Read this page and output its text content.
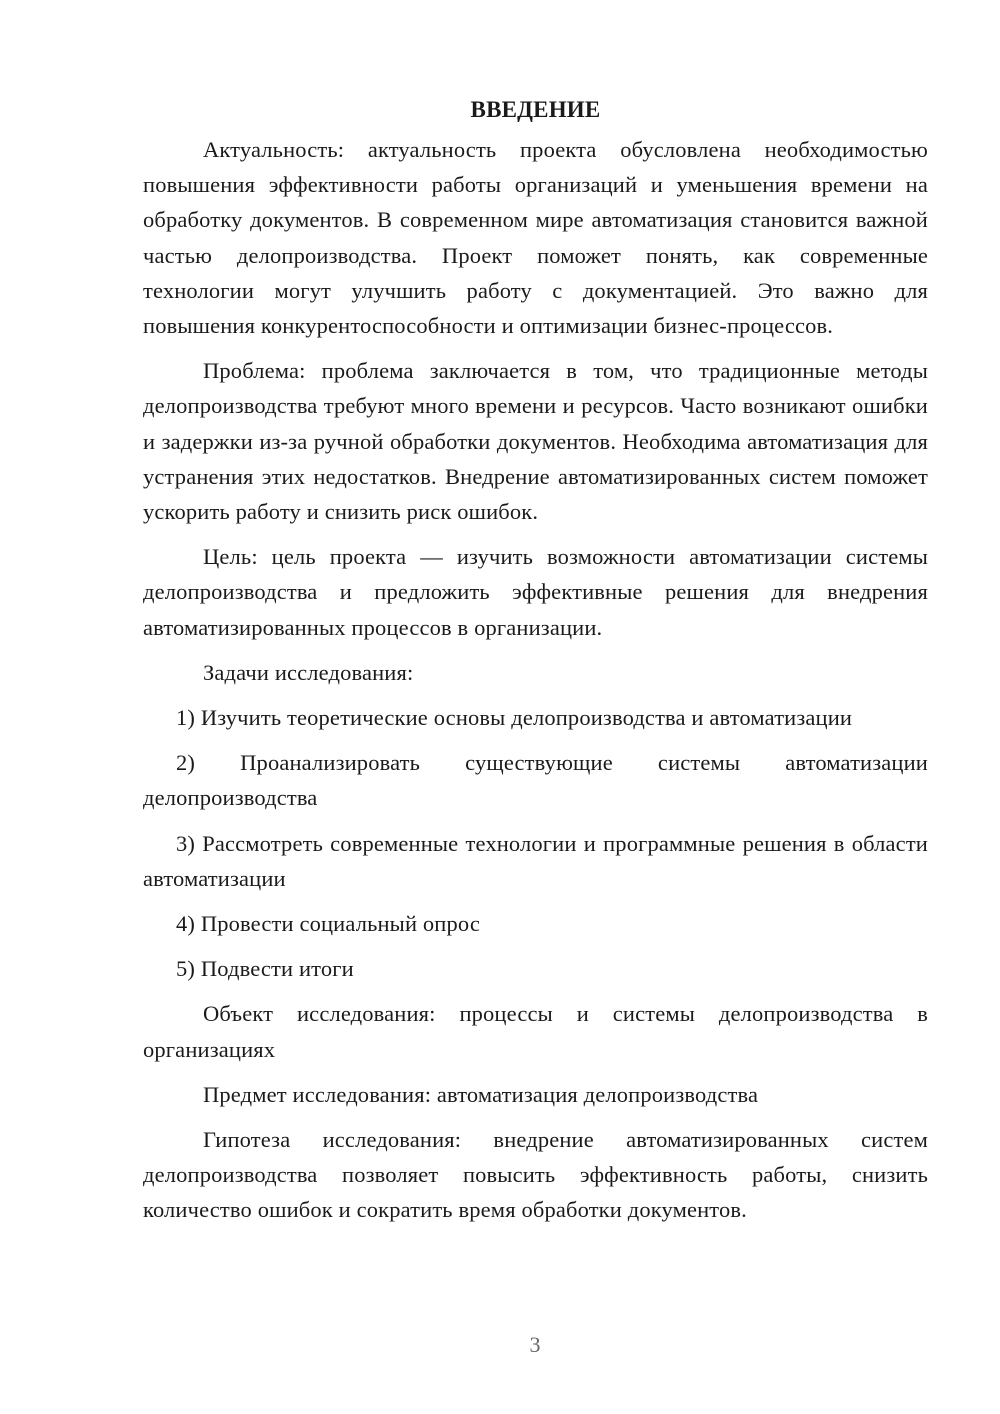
ВВЕДЕНИЕ

Актуальность: актуальность проекта обусловлена необходимостью повышения эффективности работы организаций и уменьшения времени на обработку документов. В современном мире автоматизация становится важной частью делопроизводства. Проект поможет понять, как современные технологии могут улучшить работу с документацией. Это важно для повышения конкурентоспособности и оптимизации бизнес-процессов.

Проблема: проблема заключается в том, что традиционные методы делопроизводства требуют много времени и ресурсов. Часто возникают ошибки и задержки из-за ручной обработки документов. Необходима автоматизация для устранения этих недостатков. Внедрение автоматизированных систем поможет ускорить работу и снизить риск ошибок.

Цель: цель проекта — изучить возможности автоматизации системы делопроизводства и предложить эффективные решения для внедрения автоматизированных процессов в организации.

Задачи исследования:

1) Изучить теоретические основы делопроизводства и автоматизации

2) Проанализировать существующие системы автоматизации делопроизводства

3) Рассмотреть современные технологии и программные решения в области автоматизации

4) Провести социальный опрос

5) Подвести итоги

Объект исследования: процессы и системы делопроизводства в организациях

Предмет исследования: автоматизация делопроизводства

Гипотеза исследования: внедрение автоматизированных систем делопроизводства позволяет повысить эффективность работы, снизить количество ошибок и сократить время обработки документов.

3
